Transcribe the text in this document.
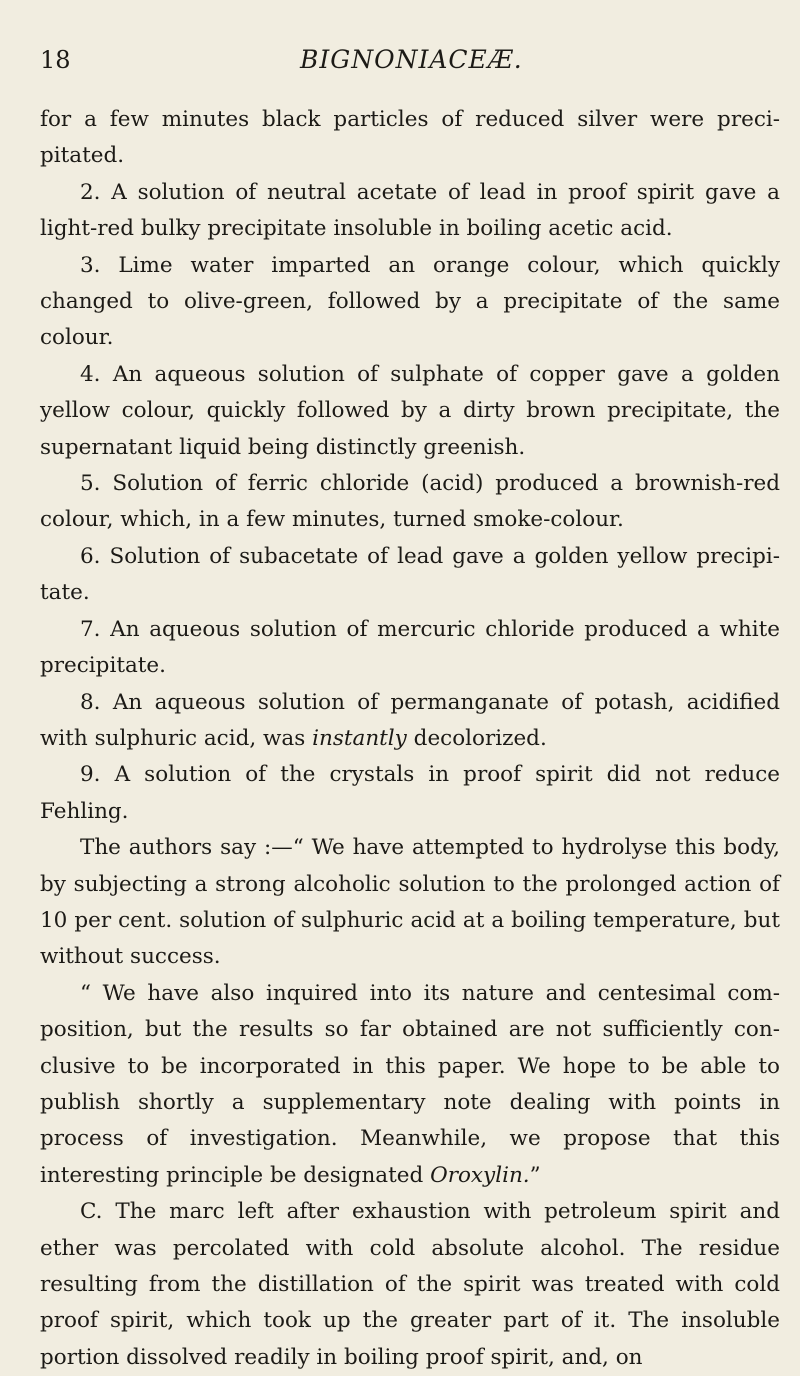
18	BIGNONIACEÆ.

for a few minutes black particles of reduced silver were preci-pitated.

2. A solution of neutral acetate of lead in proof spirit gave a light-red bulky precipitate insoluble in boiling acetic acid.

3. Lime water imparted an orange colour, which quickly changed to olive-green, followed by a precipitate of the same colour.

4. An aqueous solution of sulphate of copper gave a golden yellow colour, quickly followed by a dirty brown precipitate, the supernatant liquid being distinctly greenish.

5. Solution of ferric chloride (acid) produced a brownish-red colour, which, in a few minutes, turned smoke-colour.

6. Solution of subacetate of lead gave a golden yellow precipi-tate.

7. An aqueous solution of mercuric chloride produced a white precipitate.

8. An aqueous solution of permanganate of potash, acidified with sulphuric acid, was instantly decolorized.

9. A solution of the crystals in proof spirit did not reduce Fehling.

The authors say :—“ We have attempted to hydrolyse this body, by subjecting a strong alcoholic solution to the prolonged action of 10 per cent. solution of sulphuric acid at a boiling temperature, but without success.

“ We have also inquired into its nature and centesimal com-position, but the results so far obtained are not sufficiently con-clusive to be incorporated in this paper. We hope to be able to publish shortly a supplementary note dealing with points in process of investigation. Meanwhile, we propose that this interesting principle be designated Oroxylin.”

C. The marc left after exhaustion with petroleum spirit and ether was percolated with cold absolute alcohol. The residue resulting from the distillation of the spirit was treated with cold proof spirit, which took up the greater part of it. The insoluble portion dissolved readily in boiling proof spirit, and, on
